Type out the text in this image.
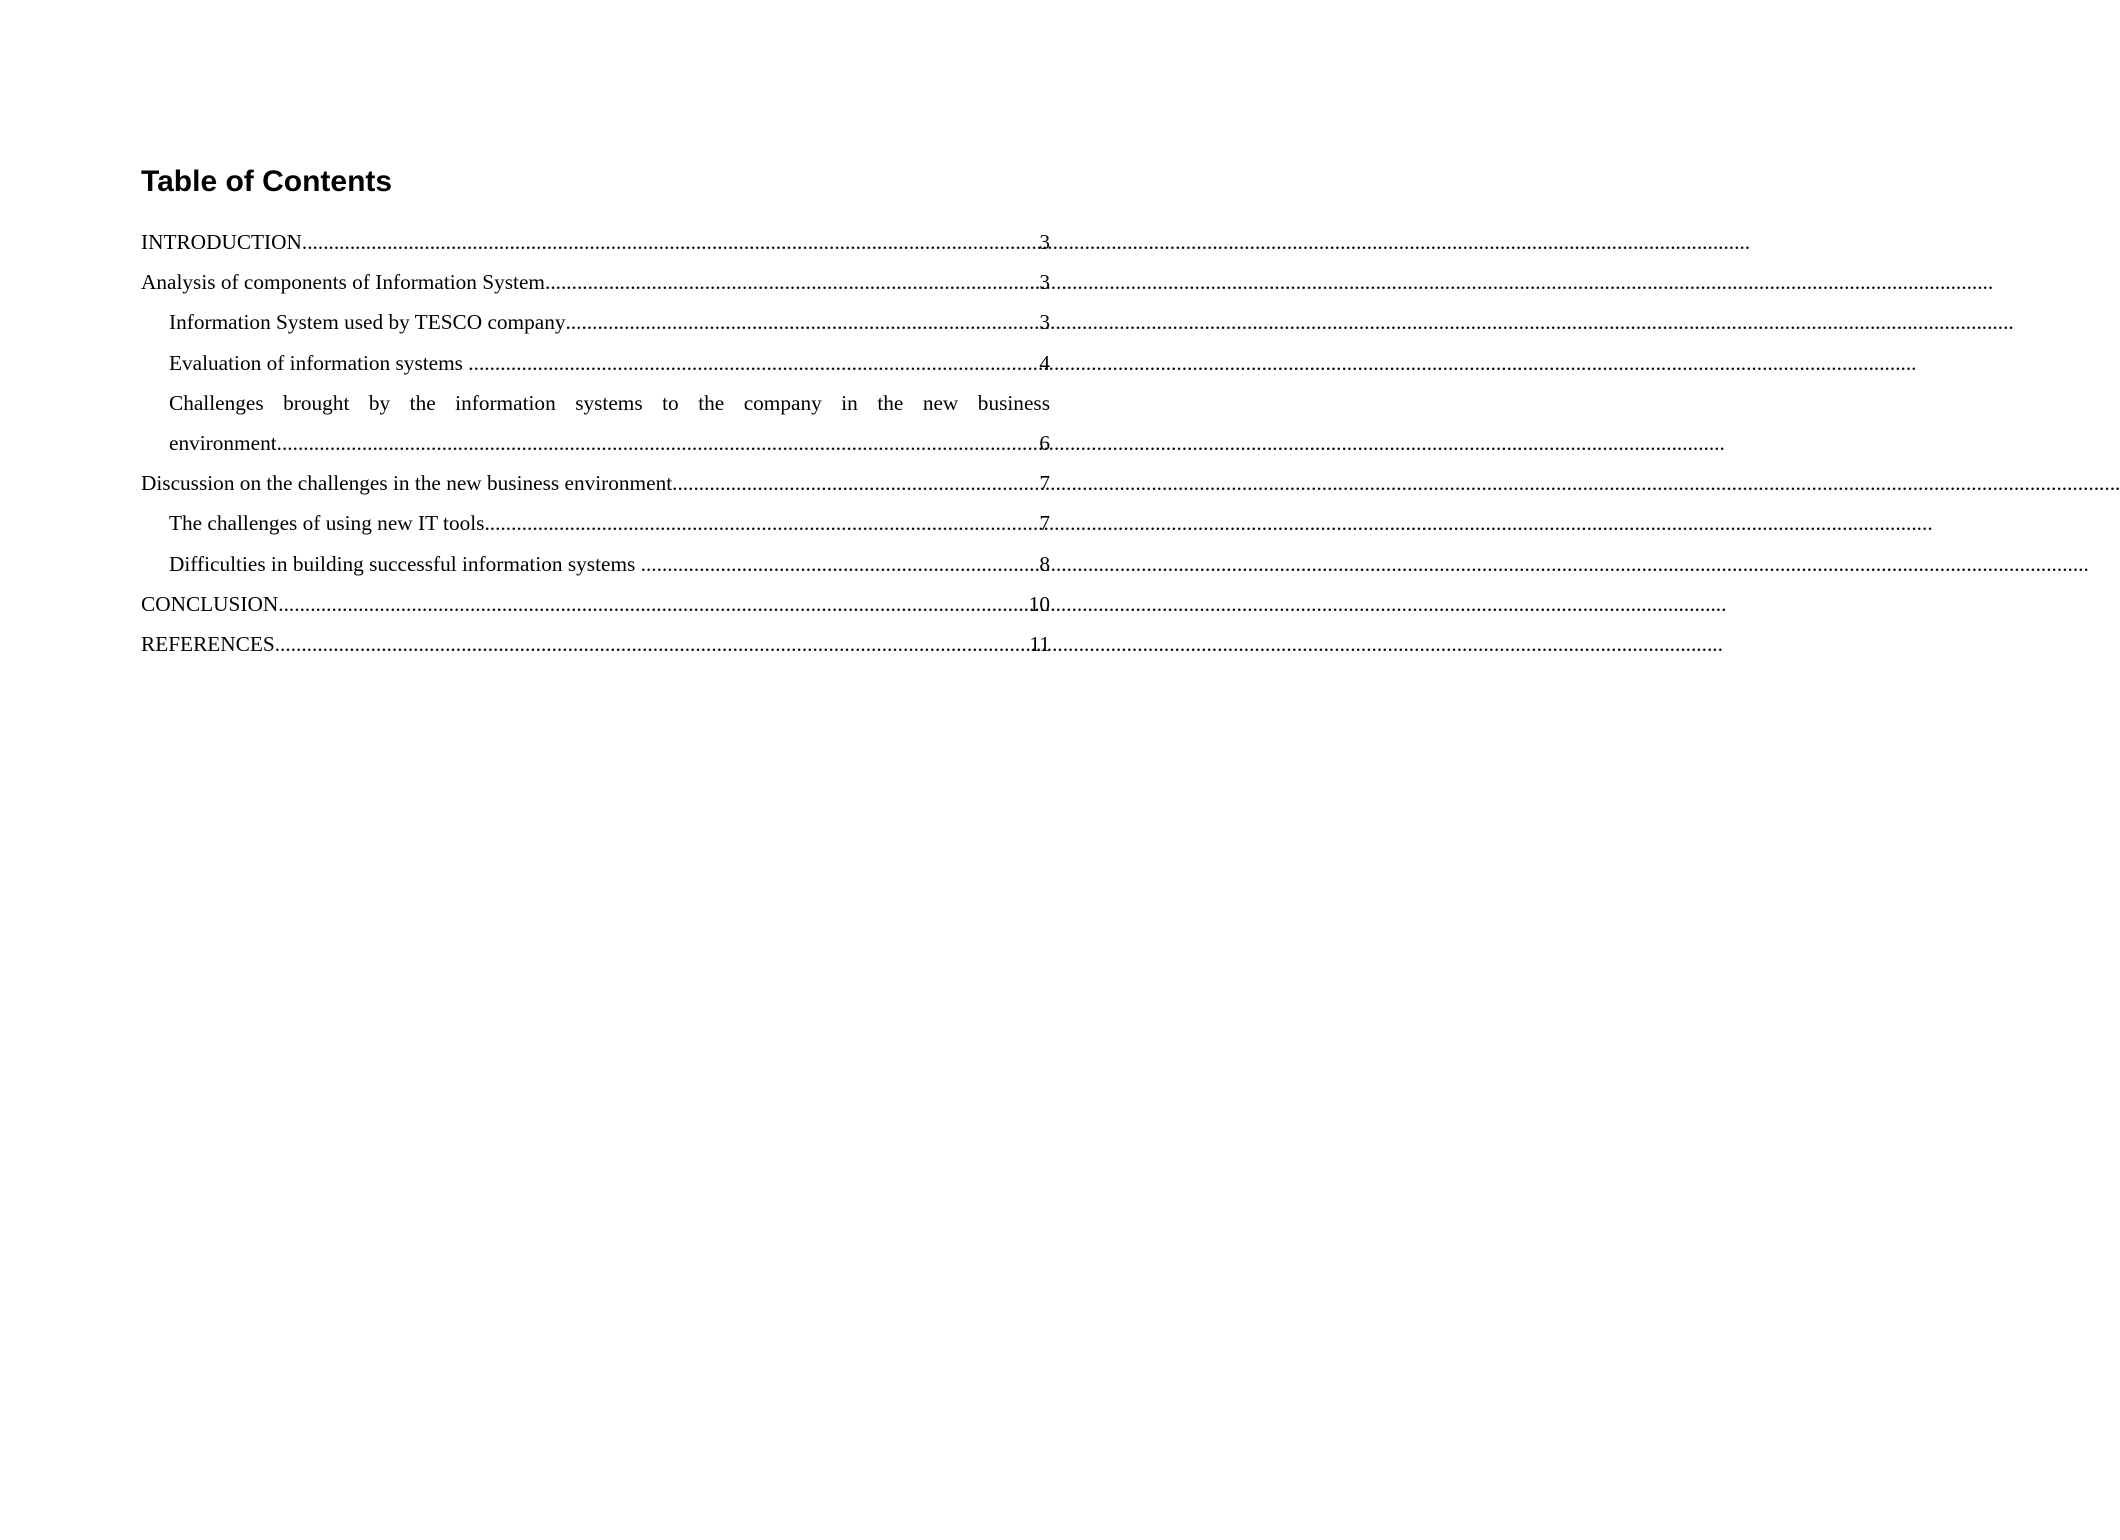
Table of Contents
INTRODUCTION .....	3
Analysis of components of Information System .....	3
Information System used by TESCO company .....	3
Evaluation of information systems .....	4
Challenges brought by the information systems to the company in the new business
environment .....	6
Discussion on the challenges in the new business environment .....	7
The challenges of using new IT tools .....	7
Difficulties in building successful information systems .....	8
CONCLUSION .....	10
REFERENCES .....	11
